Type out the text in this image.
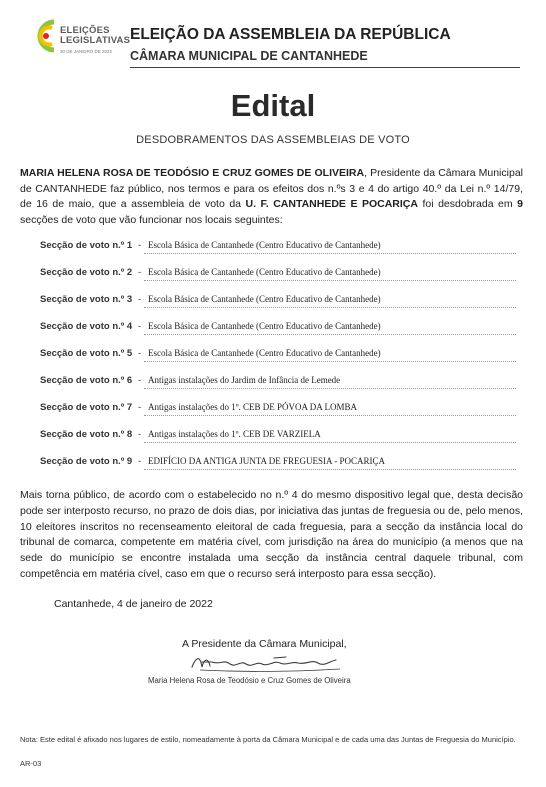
ELEIÇÕES
LEGISLATIVAS
30 DE JANEIRO DE 2022
ELEIÇÃO DA ASSEMBLEIA DA REPÚBLICA
CÂMARA MUNICIPAL DE CANTANHEDE
Edital
DESDOBRAMENTOS DAS ASSEMBLEIAS DE VOTO
MARIA HELENA ROSA DE TEODÓSIO E CRUZ GOMES DE OLIVEIRA, Presidente da Câmara Municipal de CANTANHEDE faz público, nos termos e para os efeitos dos n.ºs 3 e 4 do artigo 40.º da Lei n.º 14/79, de 16 de maio, que a assembleia de voto da U. F. CANTANHEDE E POCARIÇA foi desdobrada em 9 secções de voto que vão funcionar nos locais seguintes:
Secção de voto n.º 1 - Escola Básica de Cantanhede (Centro Educativo de Cantanhede)
Secção de voto n.º 2 - Escola Básica de Cantanhede (Centro Educativo de Cantanhede)
Secção de voto n.º 3 - Escola Básica de Cantanhede (Centro Educativo de Cantanhede)
Secção de voto n.º 4 - Escola Básica de Cantanhede (Centro Educativo de Cantanhede)
Secção de voto n.º 5 - Escola Básica de Cantanhede (Centro Educativo de Cantanhede)
Secção de voto n.º 6 - Antigas instalações do Jardim de Infância de Lemede
Secção de voto n.º 7 - Antigas instalações do 1º. CEB DE PÓVOA DA LOMBA
Secção de voto n.º 8 - Antigas instalações do 1º. CEB DE VARZIELA
Secção de voto n.º 9 - EDIFÍCIO DA ANTIGA JUNTA DE FREGUESIA - POCARIÇA
Mais torna público, de acordo com o estabelecido no n.º 4 do mesmo dispositivo legal que, desta decisão pode ser interposto recurso, no prazo de dois dias, por iniciativa das juntas de freguesia ou de, pelo menos, 10 eleitores inscritos no recenseamento eleitoral de cada freguesia, para a secção da instância local do tribunal de comarca, competente em matéria cível, com jurisdição na área do município (a menos que na sede do município se encontre instalada uma secção da instância central daquele tribunal, com competência em matéria cível, caso em que o recurso será interposto para essa secção).
Cantanhede, 4 de janeiro de 2022
A Presidente da Câmara Municipal,
Maria Helena Rosa de Teodósio e Cruz Gomes de Oliveira
Nota: Este edital é afixado nos lugares de estilo, nomeadamente à porta da Câmara Municipal e de cada uma das Juntas de Freguesia do Município.
AR-03
